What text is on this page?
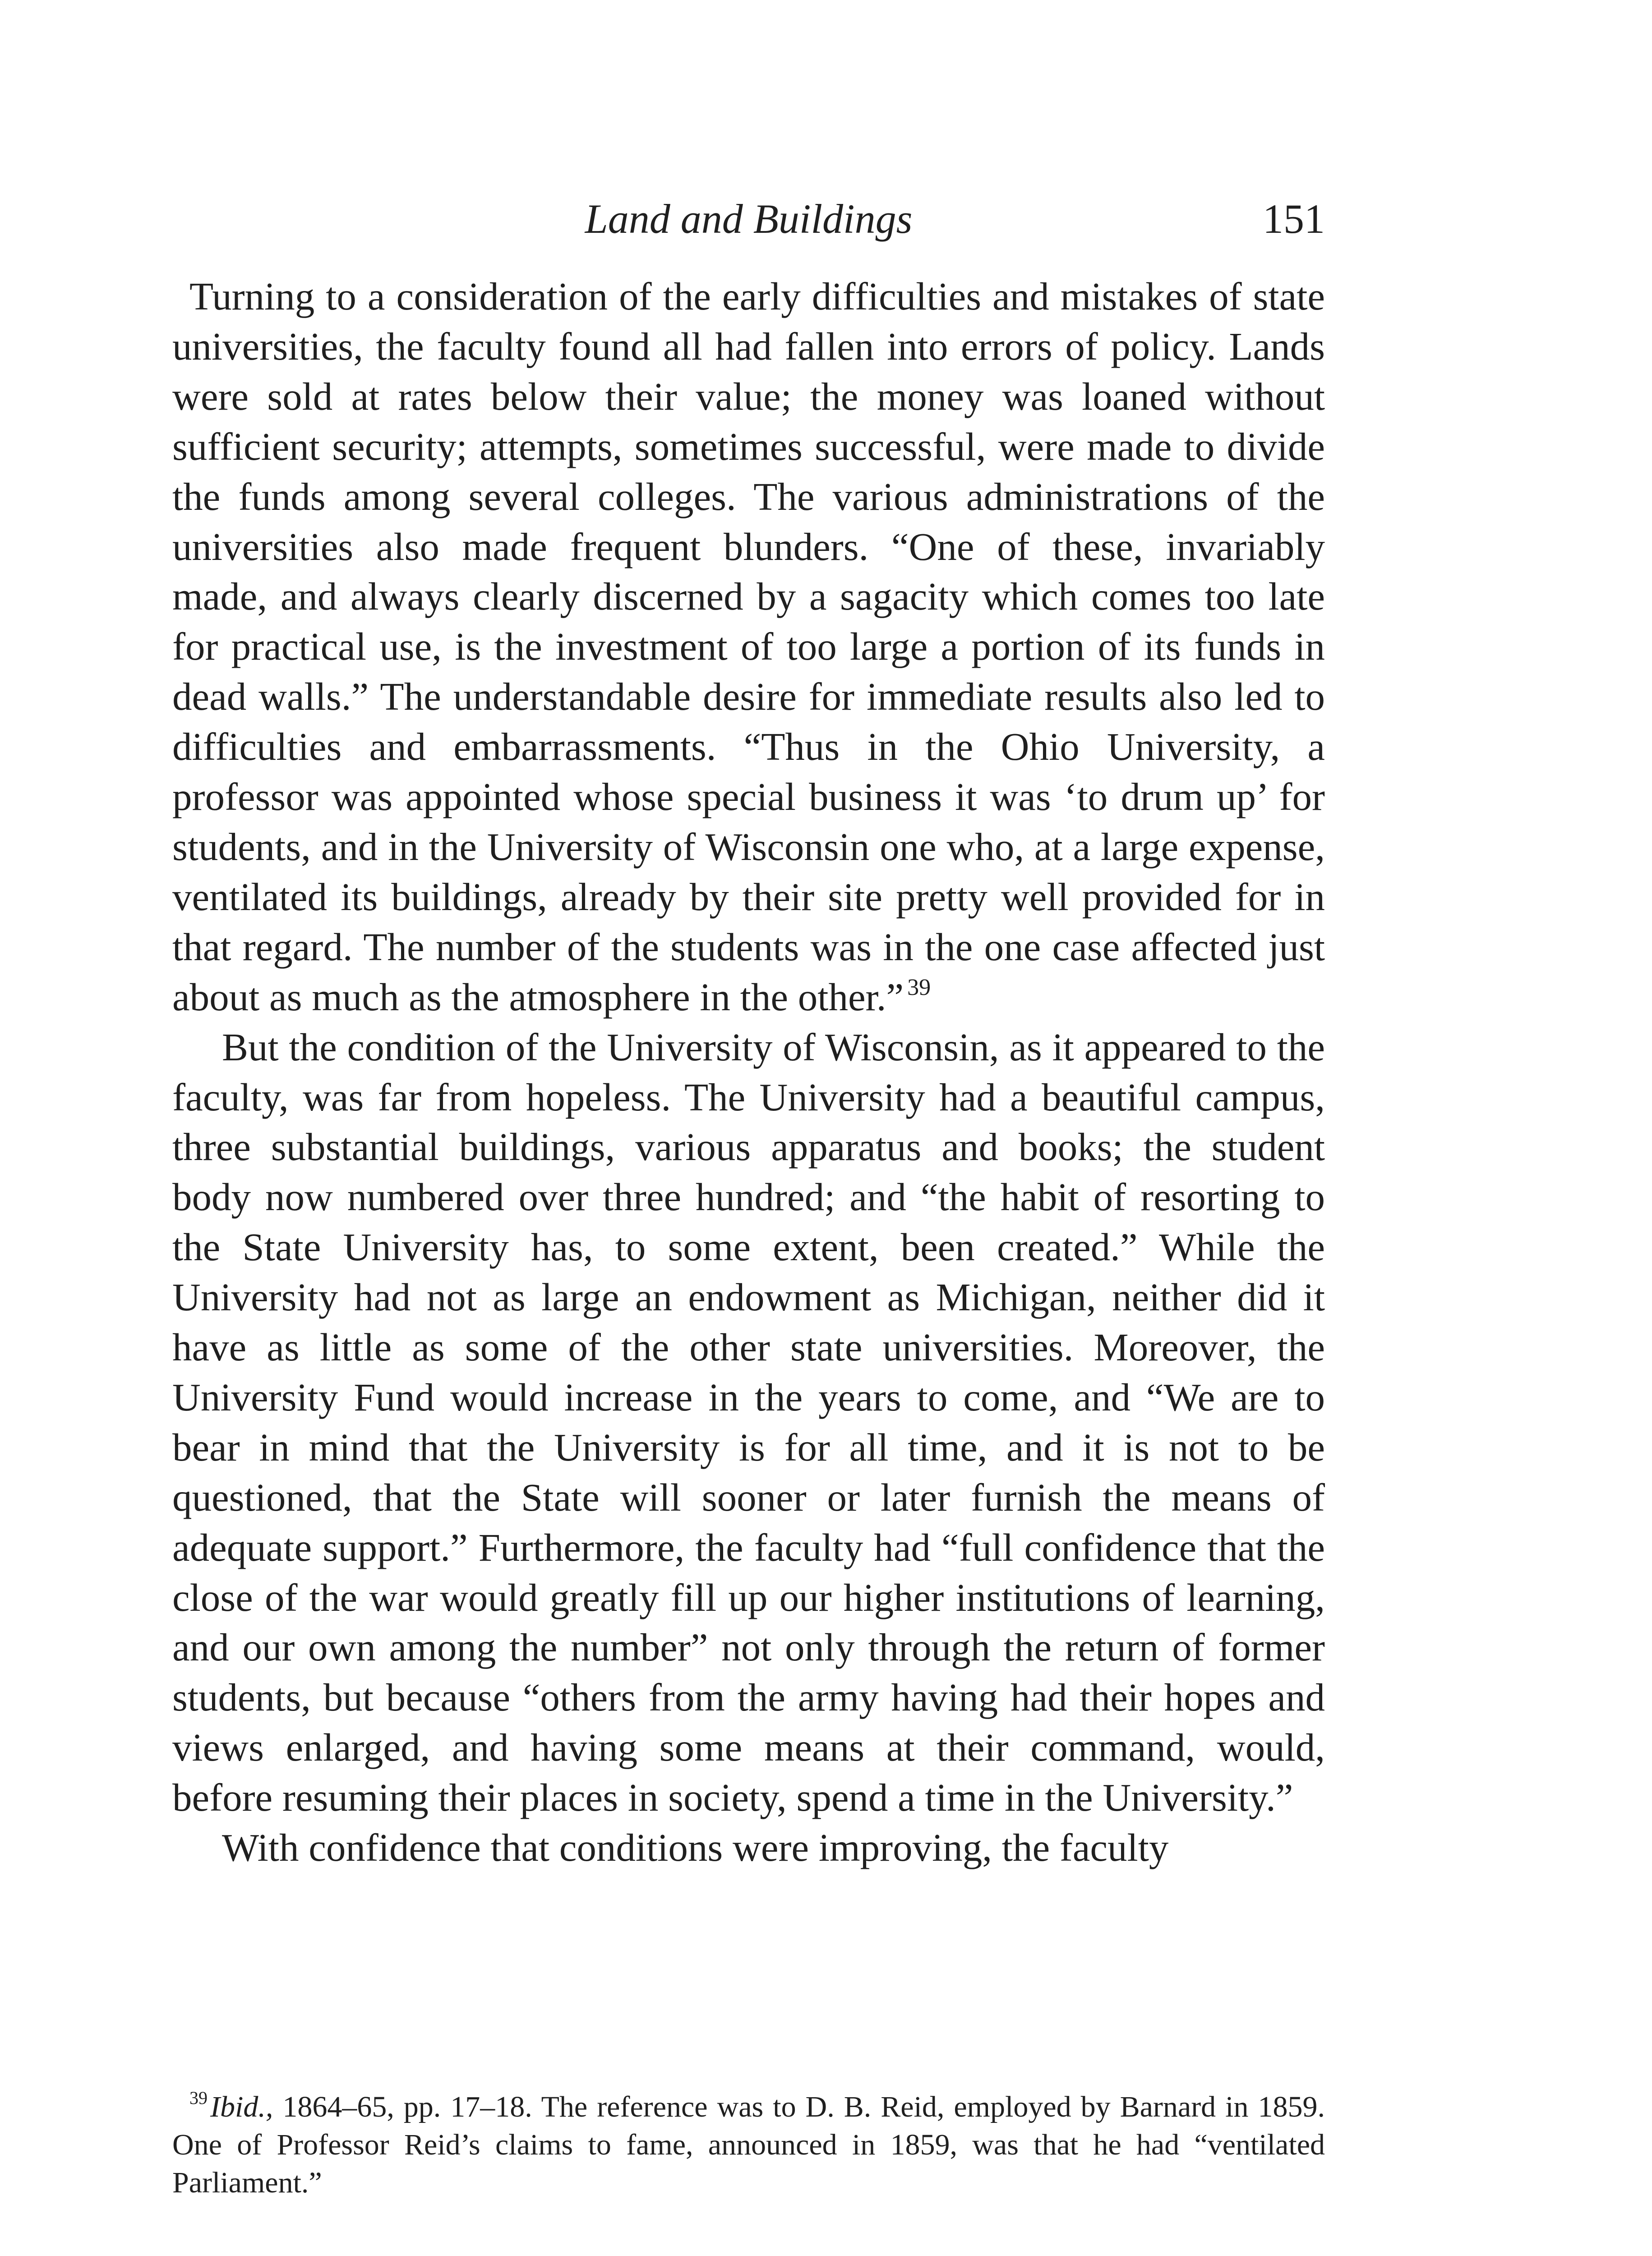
Land and Buildings	151

Turning to a consideration of the early difficulties and mistakes of state universities, the faculty found all had fallen into errors of policy. Lands were sold at rates below their value; the money was loaned without sufficient security; attempts, sometimes successful, were made to divide the funds among several colleges. The various administrations of the universities also made frequent blunders. “One of these, invariably made, and always clearly discerned by a sagacity which comes too late for practical use, is the investment of too large a portion of its funds in dead walls.” The understandable desire for immediate results also led to difficulties and embarrassments. “Thus in the Ohio University, a professor was appointed whose special business it was ‘to drum up’ for students, and in the University of Wisconsin one who, at a large expense, ventilated its buildings, already by their site pretty well provided for in that regard. The number of the students was in the one case affected just about as much as the atmosphere in the other.” $^{39}$

But the condition of the University of Wisconsin, as it appeared to the faculty, was far from hopeless. The University had a beautiful campus, three substantial buildings, various apparatus and books; the student body now numbered over three hundred; and “the habit of resorting to the State University has, to some extent, been created.” While the University had not as large an endowment as Michigan, neither did it have as little as some of the other state universities. Moreover, the University Fund would increase in the years to come, and “We are to bear in mind that the University is for all time, and it is not to be questioned, that the State will sooner or later furnish the means of adequate support.” Furthermore, the faculty had “full confidence that the close of the war would greatly fill up our higher institutions of learning, and our own among the number” not only through the return of former students, but because “others from the army having had their hopes and views enlarged, and having some means at their command, would, before resuming their places in society, spend a time in the University.”

With confidence that conditions were improving, the faculty

$^{39}$Ibid., 1864–65, pp. 17–18. The reference was to D. B. Reid, employed by Barnard in 1859. One of Professor Reid’s claims to fame, announced in 1859, was that he had “ventilated Parliament.”
